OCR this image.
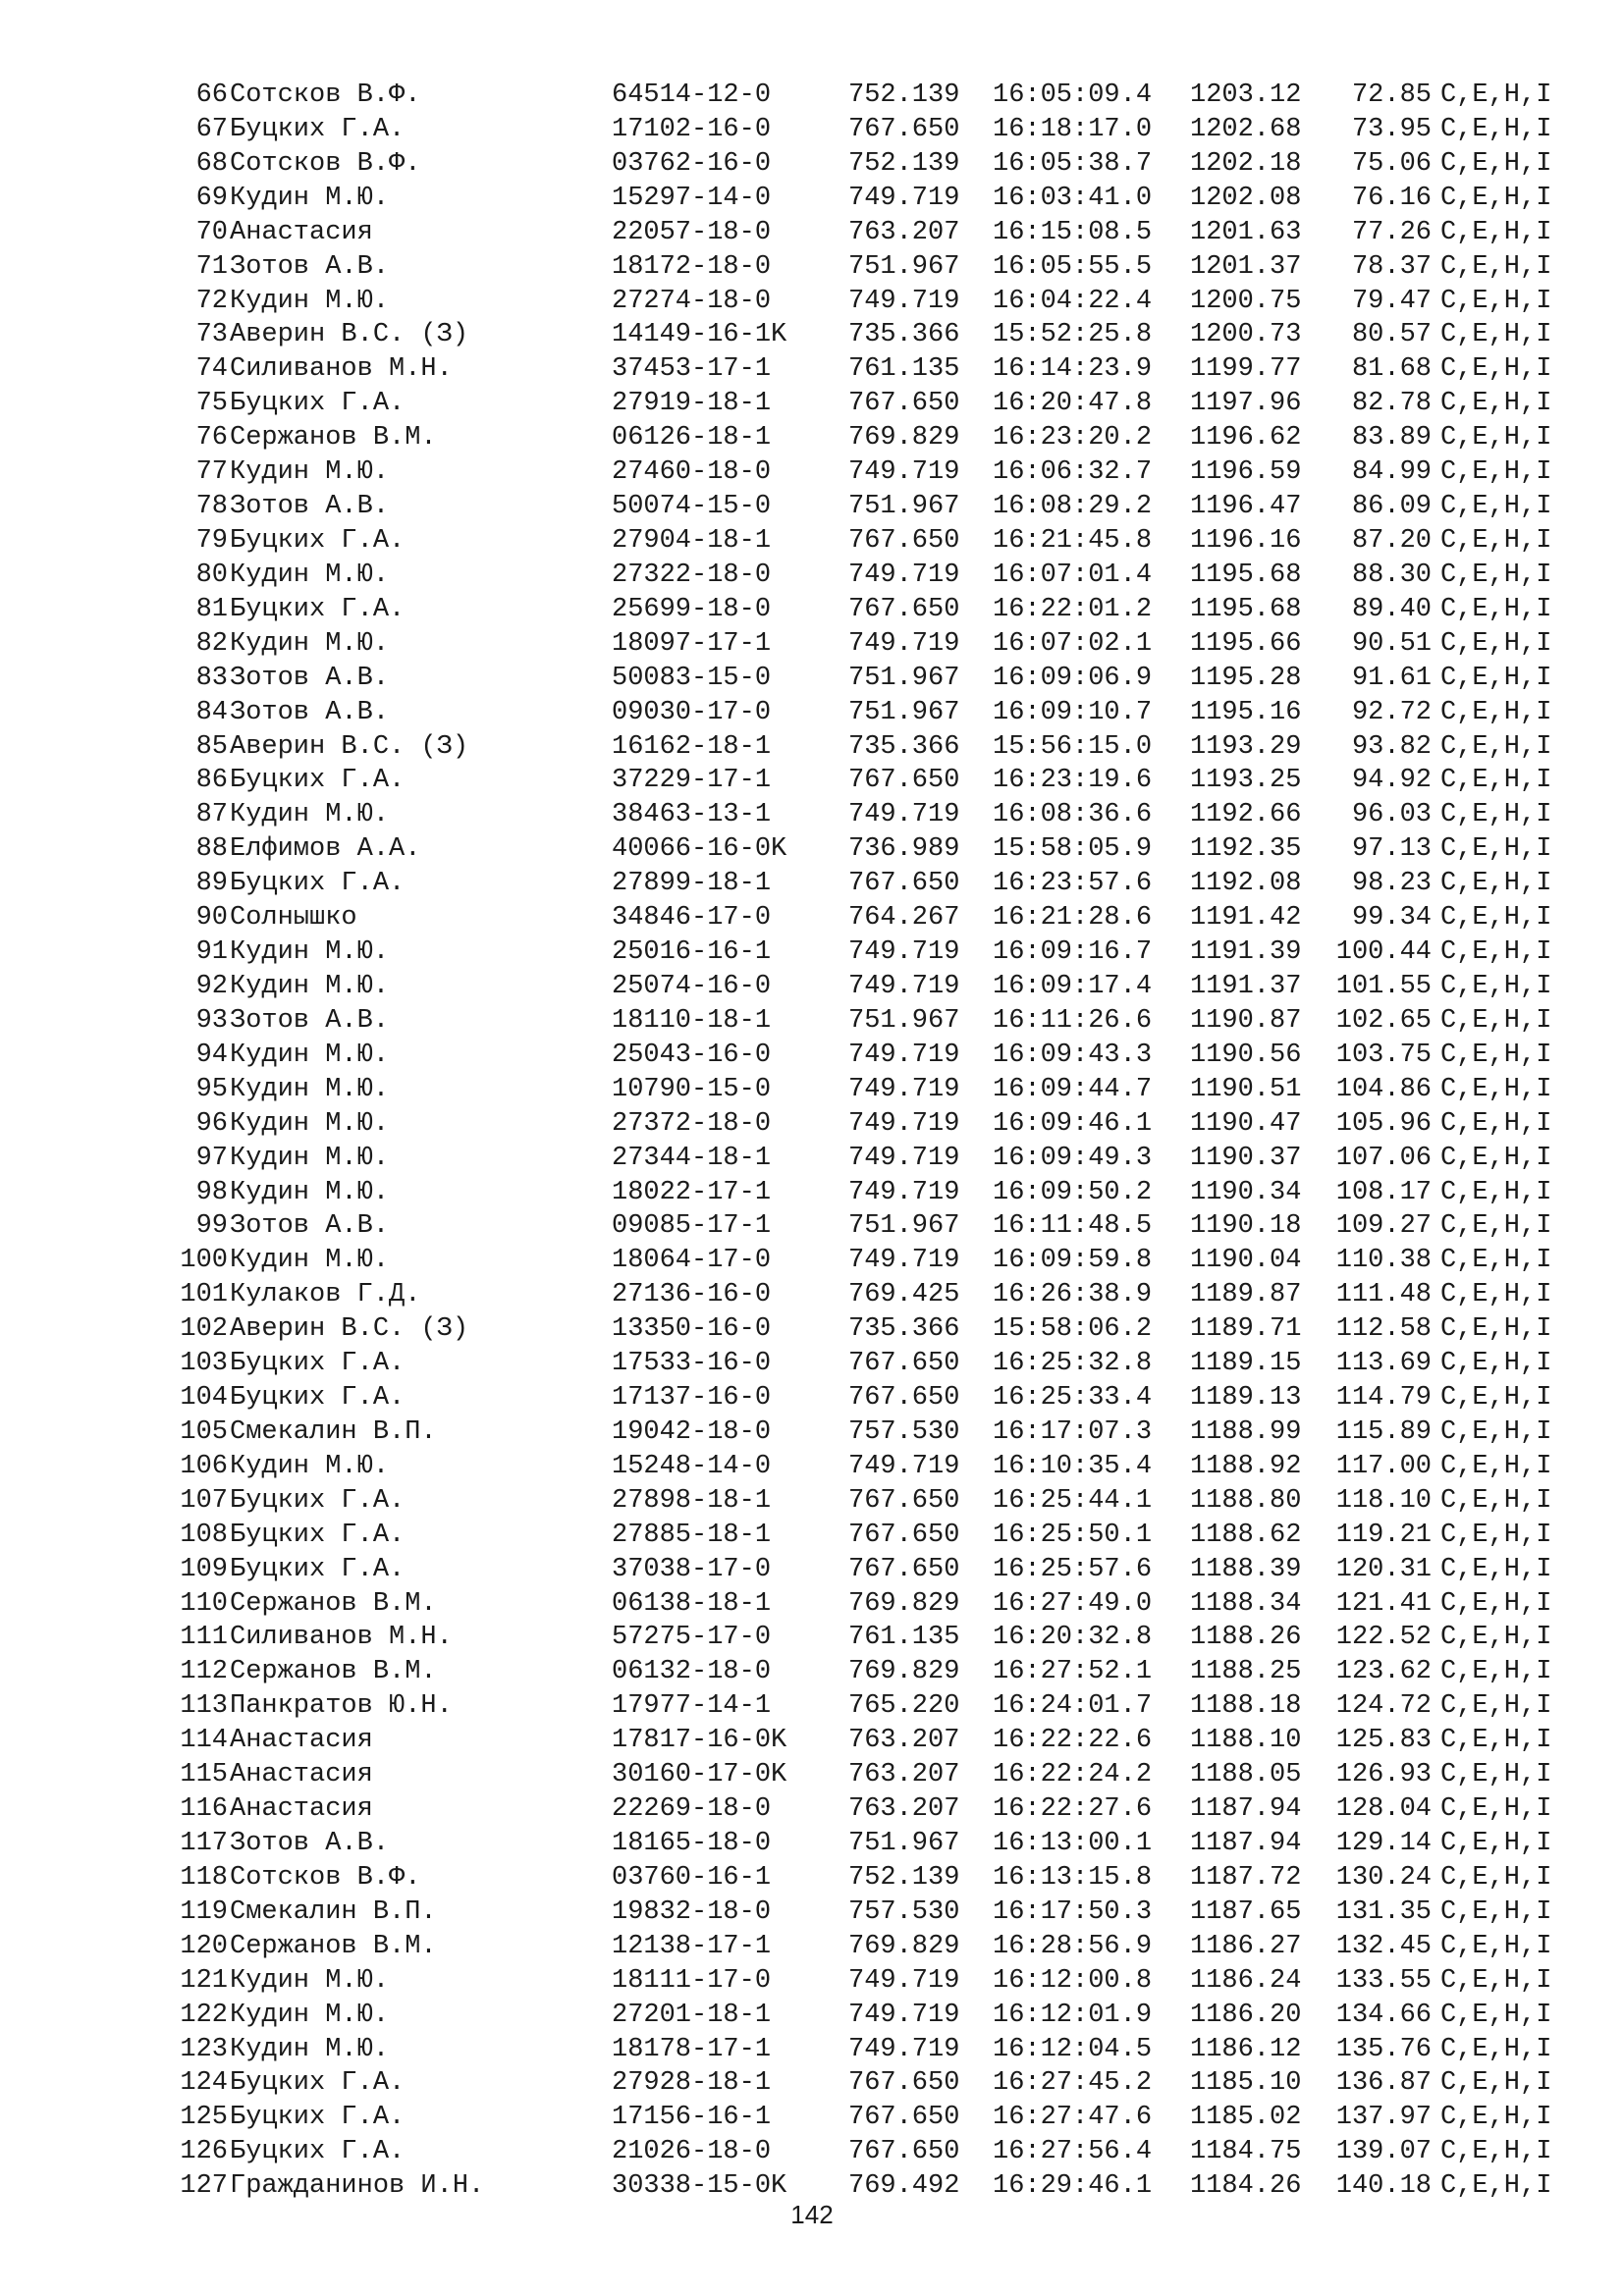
66 Сотсков В.Ф.	64514-12-0	752.139 16:05:09.4 1203.12	72.85 C,E,H,I
67 Буцких Г.А.	17102-16-0	767.650 16:18:17.0 1202.68	73.95 C,E,H,I
68 Сотсков В.Ф.	03762-16-0	752.139 16:05:38.7 1202.18	75.06 C,E,H,I
69 Кудин М.Ю.	15297-14-0	749.719 16:03:41.0 1202.08	76.16 C,E,H,I
70 Анастасия	22057-18-0	763.207 16:15:08.5 1201.63	77.26 C,E,H,I
71 Зотов А.В.	18172-18-0	751.967 16:05:55.5 1201.37	78.37 C,E,H,I
72 Кудин М.Ю.	27274-18-0	749.719 16:04:22.4 1200.75	79.47 C,E,H,I
73 Аверин В.С. (З)	14149-16-1K 735.366 15:52:25.8 1200.73	80.57 C,E,H,I
74 Силиванов М.Н.	37453-17-1	761.135 16:14:23.9 1199.77	81.68 C,E,H,I
75 Буцких Г.А.	27919-18-1	767.650 16:20:47.8 1197.96	82.78 C,E,H,I
76 Сержанов В.М.	06126-18-1	769.829 16:23:20.2 1196.62	83.89 C,E,H,I
77 Кудин М.Ю.	27460-18-0	749.719 16:06:32.7 1196.59	84.99 C,E,H,I
78 Зотов А.В.	50074-15-0	751.967 16:08:29.2 1196.47	86.09 C,E,H,I
79 Буцких Г.А.	27904-18-1	767.650 16:21:45.8 1196.16	87.20 C,E,H,I
80 Кудин М.Ю.	27322-18-0	749.719 16:07:01.4 1195.68	88.30 C,E,H,I
81 Буцких Г.А.	25699-18-0	767.650 16:22:01.2 1195.68	89.40 C,E,H,I
82 Кудин М.Ю.	18097-17-1	749.719 16:07:02.1 1195.66	90.51 C,E,H,I
83 Зотов А.В.	50083-15-0	751.967 16:09:06.9 1195.28	91.61 C,E,H,I
84 Зотов А.В.	09030-17-0	751.967 16:09:10.7 1195.16	92.72 C,E,H,I
85 Аверин В.С. (З)	16162-18-1	735.366 15:56:15.0 1193.29	93.82 C,E,H,I
86 Буцких Г.А.	37229-17-1	767.650 16:23:19.6 1193.25	94.92 C,E,H,I
87 Кудин М.Ю.	38463-13-1	749.719 16:08:36.6 1192.66	96.03 C,E,H,I
88 Елфимов А.А.	40066-16-0K 736.989 15:58:05.9 1192.35	97.13 C,E,H,I
89 Буцких Г.А.	27899-18-1	767.650 16:23:57.6 1192.08	98.23 C,E,H,I
90 Солнышко	34846-17-0	764.267 16:21:28.6 1191.42	99.34 C,E,H,I
91 Кудин М.Ю.	25016-16-1	749.719 16:09:16.7 1191.39	100.44 C,E,H,I
92 Кудин М.Ю.	25074-16-0	749.719 16:09:17.4 1191.37	101.55 C,E,H,I
93 Зотов А.В.	18110-18-1	751.967 16:11:26.6 1190.87	102.65 C,E,H,I
94 Кудин М.Ю.	25043-16-0	749.719 16:09:43.3 1190.56	103.75 C,E,H,I
95 Кудин М.Ю.	10790-15-0	749.719 16:09:44.7 1190.51	104.86 C,E,H,I
96 Кудин М.Ю.	27372-18-0	749.719 16:09:46.1 1190.47	105.96 C,E,H,I
97 Кудин М.Ю.	27344-18-1	749.719 16:09:49.3 1190.37	107.06 C,E,H,I
98 Кудин М.Ю.	18022-17-1	749.719 16:09:50.2 1190.34	108.17 C,E,H,I
99 Зотов А.В.	09085-17-1	751.967 16:11:48.5 1190.18	109.27 C,E,H,I
100 Кудин М.Ю.	18064-17-0	749.719 16:09:59.8 1190.04	110.38 C,E,H,I
101 Кулаков Г.Д.	27136-16-0	769.425 16:26:38.9 1189.87	111.48 C,E,H,I
102 Аверин В.С. (З)	13350-16-0	735.366 15:58:06.2 1189.71	112.58 C,E,H,I
103 Буцких Г.А.	17533-16-0	767.650 16:25:32.8 1189.15	113.69 C,E,H,I
104 Буцких Г.А.	17137-16-0	767.650 16:25:33.4 1189.13	114.79 C,E,H,I
105 Смекалин В.П.	19042-18-0	757.530 16:17:07.3 1188.99	115.89 C,E,H,I
106 Кудин М.Ю.	15248-14-0	749.719 16:10:35.4 1188.92	117.00 C,E,H,I
107 Буцких Г.А.	27898-18-1	767.650 16:25:44.1 1188.80	118.10 C,E,H,I
108 Буцких Г.А.	27885-18-1	767.650 16:25:50.1 1188.62	119.21 C,E,H,I
109 Буцких Г.А.	37038-17-0	767.650 16:25:57.6 1188.39	120.31 C,E,H,I
110 Сержанов В.М.	06138-18-1	769.829 16:27:49.0 1188.34	121.41 C,E,H,I
111 Силиванов М.Н.	57275-17-0	761.135 16:20:32.8 1188.26	122.52 C,E,H,I
112 Сержанов В.М.	06132-18-0	769.829 16:27:52.1 1188.25	123.62 C,E,H,I
113 Панкратов Ю.Н.	17977-14-1	765.220 16:24:01.7 1188.18	124.72 C,E,H,I
114 Анастасия	17817-16-0K 763.207 16:22:22.6 1188.10	125.83 C,E,H,I
115 Анастасия	30160-17-0K 763.207 16:22:24.2 1188.05	126.93 C,E,H,I
116 Анастасия	22269-18-0	763.207 16:22:27.6 1187.94	128.04 C,E,H,I
117 Зотов А.В.	18165-18-0	751.967 16:13:00.1 1187.94	129.14 C,E,H,I
118 Сотсков В.Ф.	03760-16-1	752.139 16:13:15.8 1187.72	130.24 C,E,H,I
119 Смекалин В.П.	19832-18-0	757.530 16:17:50.3 1187.65	131.35 C,E,H,I
120 Сержанов В.М.	12138-17-1	769.829 16:28:56.9 1186.27	132.45 C,E,H,I
121 Кудин М.Ю.	18111-17-0	749.719 16:12:00.8 1186.24	133.55 C,E,H,I
122 Кудин М.Ю.	27201-18-1	749.719 16:12:01.9 1186.20	134.66 C,E,H,I
123 Кудин М.Ю.	18178-17-1	749.719 16:12:04.5 1186.12	135.76 C,E,H,I
124 Буцких Г.А.	27928-18-1	767.650 16:27:45.2 1185.10	136.87 C,E,H,I
125 Буцких Г.А.	17156-16-1	767.650 16:27:47.6 1185.02	137.97 C,E,H,I
126 Буцких Г.А.	21026-18-0	767.650 16:27:56.4 1184.75	139.07 C,E,H,I
127 Гражданинов И.Н.	30338-15-0K 769.492 16:29:46.1 1184.26	140.18 C,E,H,I
142
